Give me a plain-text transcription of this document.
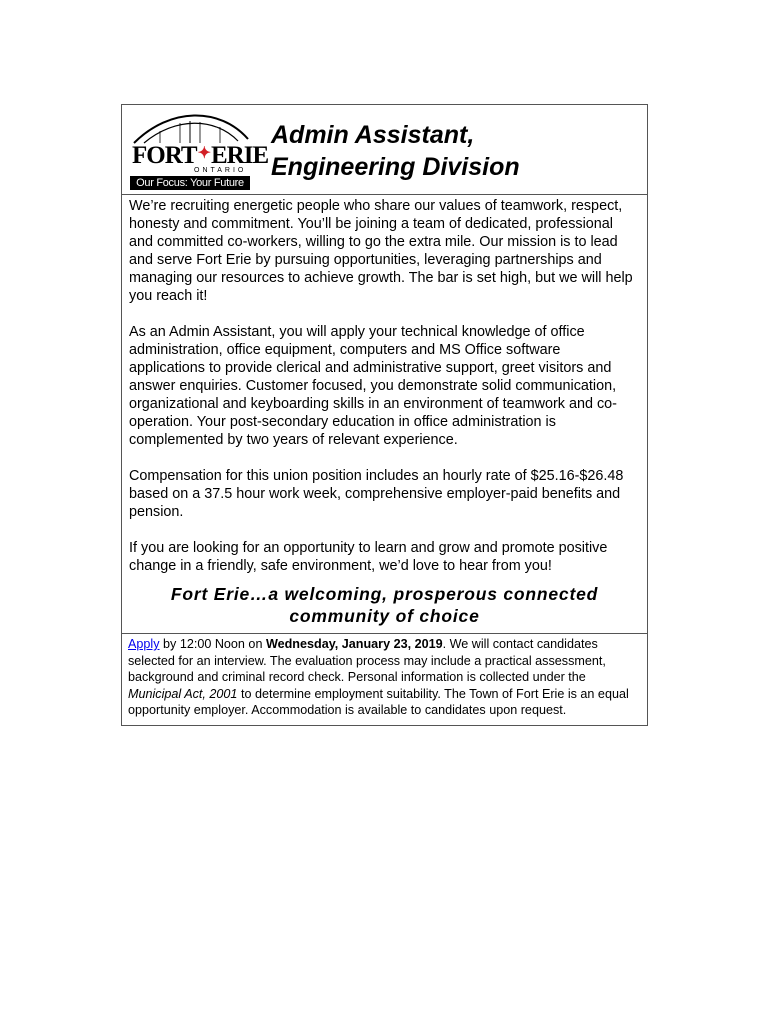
FORT✦ERIE
ONTARIO
Our Focus: Your Future
Admin Assistant,
Engineering Division

We’re recruiting energetic people who share our values of teamwork, respect, honesty and commitment. You’ll be joining a team of dedicated, professional and committed co-workers, willing to go the extra mile. Our mission is to lead and serve Fort Erie by pursuing opportunities, leveraging partnerships and managing our resources to achieve growth. The bar is set high, but we will help you reach it!

As an Admin Assistant, you will apply your technical knowledge of office administration, office equipment, computers and MS Office software applications to provide clerical and administrative support, greet visitors and answer enquiries. Customer focused, you demonstrate solid communication, organizational and keyboarding skills in an environment of teamwork and co-operation. Your post-secondary education in office administration is complemented by two years of relevant experience.

Compensation for this union position includes an hourly rate of $25.16-$26.48 based on a 37.5 hour work week, comprehensive employer-paid benefits and pension.

If you are looking for an opportunity to learn and grow and promote positive change in a friendly, safe environment, we’d love to hear from you!

Fort Erie…a welcoming, prosperous connected
community of choice
Apply by 12:00 Noon on Wednesday, January 23, 2019. We will contact candidates selected for an interview. The evaluation process may include a practical assessment, background and criminal record check. Personal information is collected under the Municipal Act, 2001 to determine employment suitability. The Town of Fort Erie is an equal opportunity employer. Accommodation is available to candidates upon request.
